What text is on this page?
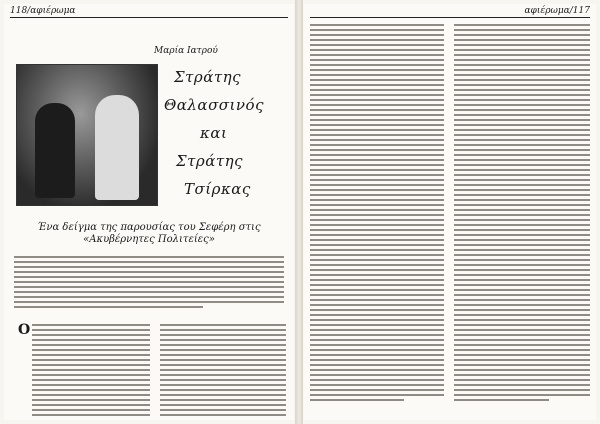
118/αφιέρωμα
Μαρία Ιατρού
Στράτης
Θαλασσινός
και
Στράτης
Τσίρκας
Ένα δείγμα της παρουσίας του Σεφέρη στις «Ακυβέρνητες Πολιτείες»
Ο
αφιέρωμα/117
